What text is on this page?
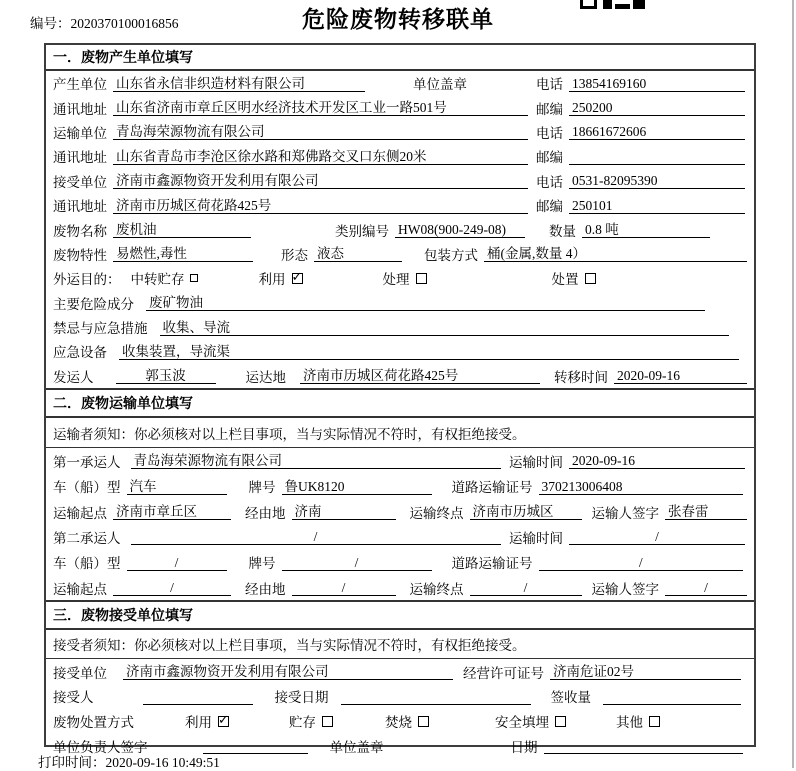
编号：2020370100016856	危险废物转移联单
一．废物产生单位填写
产生单位 山东省永信非织造材料有限公司	单位盖章	电话 13854169160
通讯地址 山东省济南市章丘区明水经济技术开发区工业一路501号	邮编 250200
运输单位 青岛海荣源物流有限公司	电话 18661672606
通讯地址 山东省青岛市李沧区徐水路和郑佛路交叉口东侧20米	邮编
接受单位 济南市鑫源物资开发利用有限公司	电话 0531-82095390
通讯地址 济南市历城区荷花路425号	邮编 250101
废物名称 废机油	类别编号 HW08(900-249-08)	数量 0.8 吨
废物特性 易燃性,毒性	形态 液态	包装方式 桶(金属,数量 4）
外运目的： 中转贮存	利用 ✓	处理	处置
主要危险成分	废矿物油
禁忌与应急措施	收集、导流
应急设备	收集装置，导流渠
发运人	郭玉波	运达地	济南市历城区荷花路425号	转移时间 2020-09-16
二．废物运输单位填写
运输者须知：你必须核对以上栏目事项，当与实际情况不符时，有权拒绝接受。
第一承运人 青岛海荣源物流有限公司	运输时间 2020-09-16
车（船）型 汽车	牌号 鲁UK8120	道路运输证号 370213006408
运输起点 济南市章丘区	经由地 济南	运输终点 济南市历城区	运输人签字 张春雷
第二承运人	/	运输时间	/
车（船）型	/	牌号	/	道路运输证号	/
运输起点	/	经由地	/	运输终点	/	运输人签字	/
三．废物接受单位填写
接受者须知：你必须核对以上栏目事项，当与实际情况不符时，有权拒绝接受。
接受单位	济南市鑫源物资开发利用有限公司	经营许可证号 济南危证02号
接受人	接受日期	签收量
废物处置方式	利用 ✓	贮存	焚烧	安全填埋	其他
单位负责人签字	单位盖章	日期
打印时间：2020-09-16 10:49:51
